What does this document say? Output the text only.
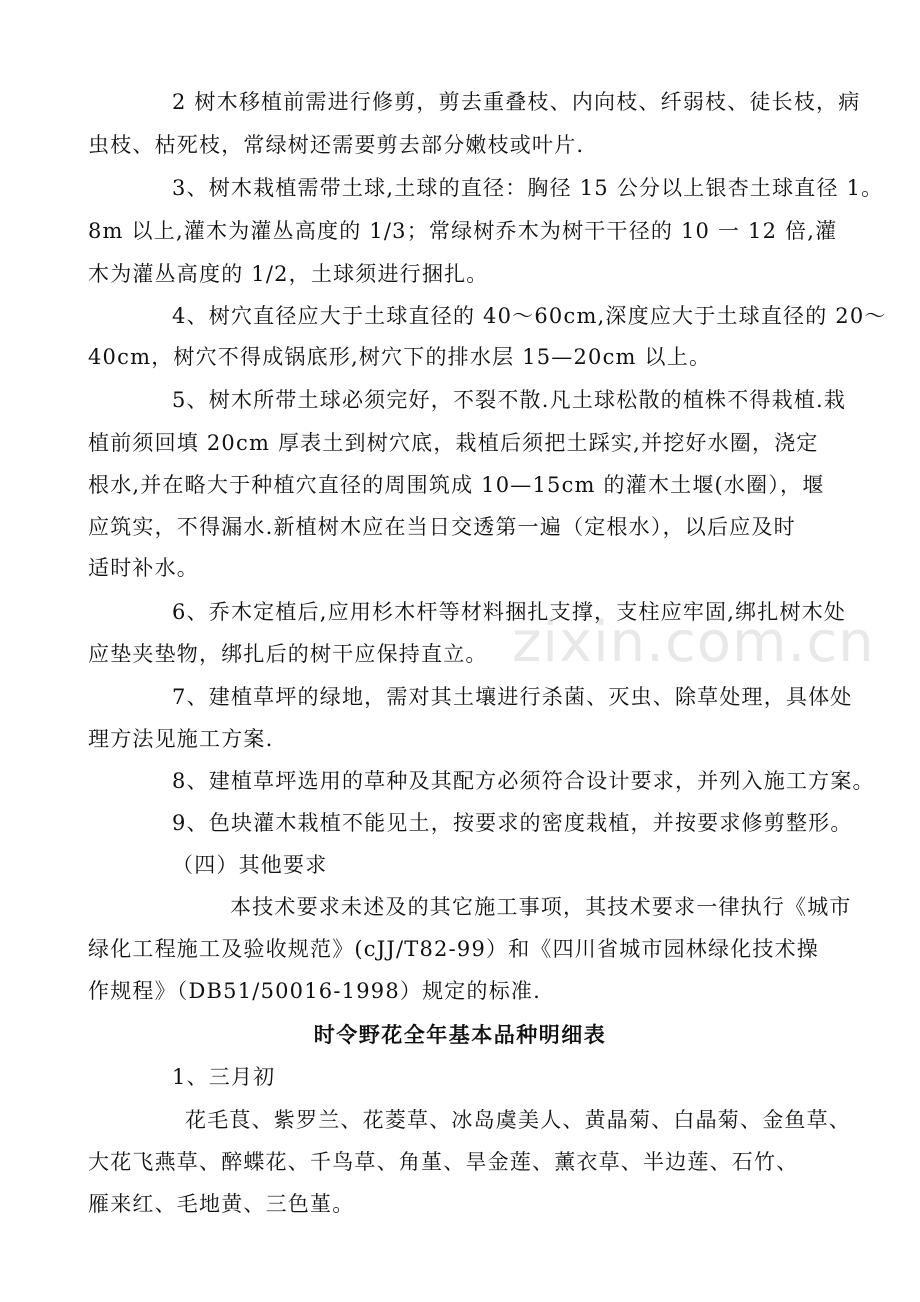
2 树木移植前需进行修剪，剪去重叠枝、内向枝、纤弱枝、徒长枝，病
虫枝、枯死枝，常绿树还需要剪去部分嫩枝或叶片.
3、树木栽植需带土球,土球的直径：胸径 15 公分以上银杏土球直径 1。
8m 以上,灌木为灌丛高度的 1/3；常绿树乔木为树干干径的 10 一 12 倍,灌
木为灌丛高度的 1/2，土球须进行捆扎。
4、树穴直径应大于土球直径的 40～60cm,深度应大于土球直径的 20～
40cm，树穴不得成锅底形,树穴下的排水层 15—20cm 以上。
5、树木所带土球必须完好，不裂不散.凡土球松散的植株不得栽植.栽
植前须回填 20cm 厚表土到树穴底，栽植后须把土踩实,并挖好水圈，浇定
根水,并在略大于种植穴直径的周围筑成 10—15cm 的灌木土堰(水圈），堰
应筑实，不得漏水.新植树木应在当日交透第一遍（定根水），以后应及时
适时补水。
6、乔木定植后,应用杉木杆等材料捆扎支撑，支柱应牢固,绑扎树木处
应垫夹垫物，绑扎后的树干应保持直立。
7、建植草坪的绿地，需对其土壤进行杀菌、灭虫、除草处理，具体处
理方法见施工方案.
8、建植草坪选用的草种及其配方必须符合设计要求，并列入施工方案。
9、色块灌木栽植不能见土，按要求的密度栽植，并按要求修剪整形。
（四）其他要求
本技术要求未述及的其它施工事项，其技术要求一律执行《城市
绿化工程施工及验收规范》(cJJ/T82-99）和《四川省城市园林绿化技术操
作规程》（DB51/50016-1998）规定的标准.
时令野花全年基本品种明细表
1、三月初
花毛茛、紫罗兰、花菱草、冰岛虞美人、黄晶菊、白晶菊、金鱼草、
大花飞燕草、醉蝶花、千鸟草、角堇、旱金莲、薰衣草、半边莲、石竹、
雁来红、毛地黄、三色堇。
zixin.com.cn
